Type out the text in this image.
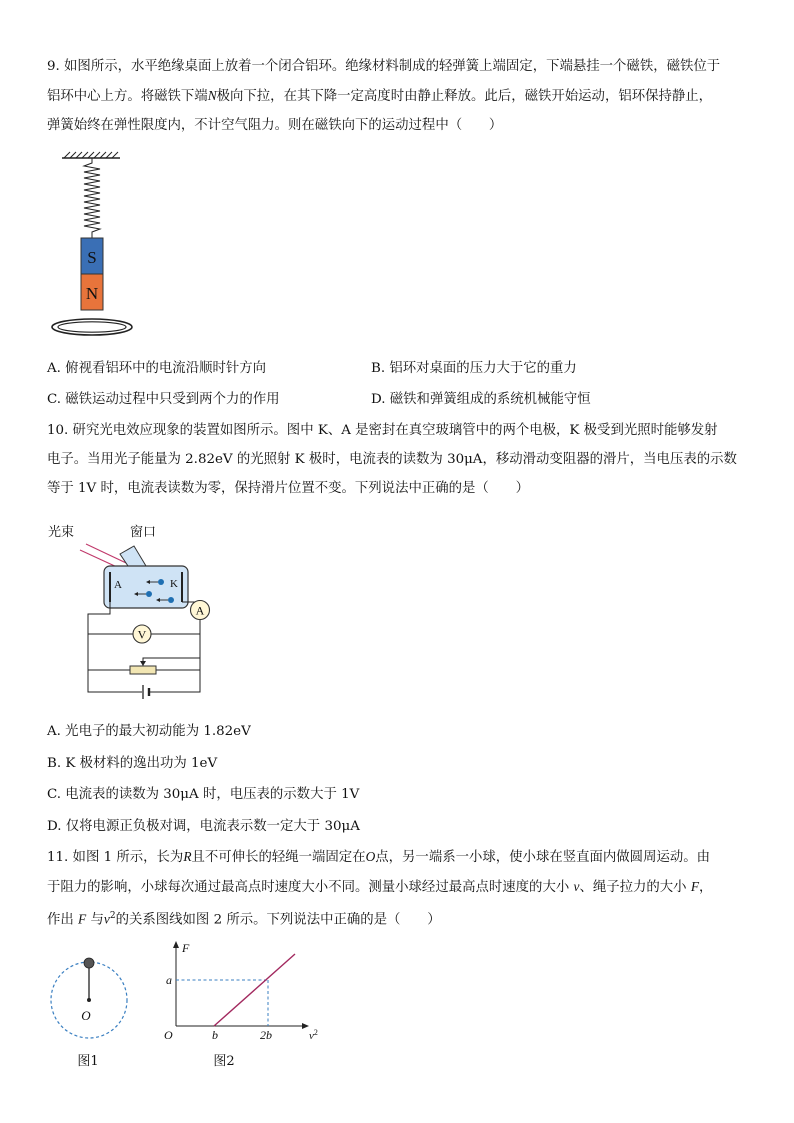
9. 如图所示，水平绝缘桌面上放着一个闭合铝环。绝缘材料制成的轻弹簧上端固定，下端悬挂一个磁铁，磁铁位于

铝环中心上方。将磁铁下端N极向下拉，在其下降一定高度时由静止释放。此后，磁铁开始运动，铝环保持静止，

弹簧始终在弹性限度内，不计空气阻力。则在磁铁向下的运动过程中（　　）

S
N
A. 俯视看铝环中的电流沿顺时针方向	B. 铝环对桌面的压力大于它的重力
C. 磁铁运动过程中只受到两个力的作用	D. 磁铁和弹簧组成的系统机械能守恒

10. 研究光电效应现象的装置如图所示。图中 K、A 是密封在真空玻璃管中的两个电极，K 极受到光照时能够发射

电子。当用光子能量为 2.82eV 的光照射 K 极时，电流表的读数为 30μA，移动滑动变阻器的滑片，当电压表的示数

等于 1V 时，电流表读数为零，保持滑片位置不变。下列说法中正确的是（　　）

光束	窗口
A	K
A
V
A. 光电子的最大初动能为 1.82eV
B. K 极材料的逸出功为 1eV
C. 电流表的读数为 30μA 时，电压表的示数大于 1V
D. 仅将电源正负极对调，电流表示数一定大于 30μA

11. 如图 1 所示，长为R且不可伸长的轻绳一端固定在O点，另一端系一小球，使小球在竖直面内做圆周运动。由

于阻力的影响，小球每次通过最高点时速度大小不同。测量小球经过最高点时速度的大小 v、绳子拉力的大小 F，

作出 F 与$v^2$的关系图线如图 2 所示。下列说法中正确的是（　　）

O
图1
F
$v^2$
O
a
b	2b
图2
